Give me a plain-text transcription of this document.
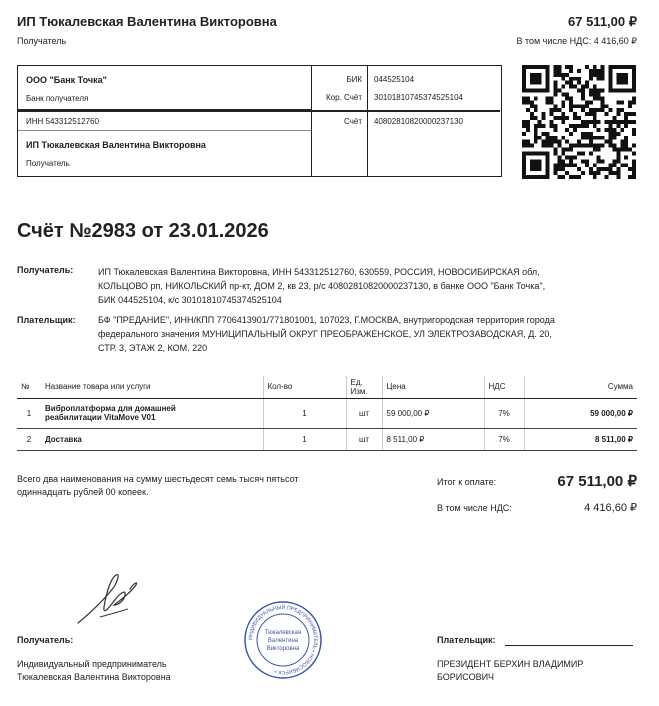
ИП Тюкалевская Валентина Викторовна
Получатель
67 511,00 ₽
В том числе НДС: 4 416,60 ₽
ООО "Банк Точка"
Банк получателя
БИК 044525104
Кор. Счёт 30101810745374525104
ИНН 543312512760	Счёт 40802810820000237130
ИП Тюкалевская Валентина Викторовна
Получатель
Счёт №2983 от 23.01.2026
Получатель:	ИП Тюкалевская Валентина Викторовна, ИНН 543312512760, 630559, РОССИЯ, НОВОСИБИРСКАЯ обл,
КОЛЬЦОВО рп, НИКОЛЬСКИЙ пр-кт, ДОМ 2, кв 23, р/с 40802810820000237130, в банке ООО "Банк Точка",
БИК 044525104, к/с 30101810745374525104
Плательщик:	БФ "ПРЕДАНИЕ", ИНН/КПП 7706413901/771801001, 107023, Г.МОСКВА, внутригородская территория города
федерального значения МУНИЦИПАЛЬНЫЙ ОКРУГ ПРЕОБРАЖЕНСКОЕ, УЛ ЭЛЕКТРОЗАВОДСКАЯ, Д. 20,
СТР. 3, ЭТАЖ 2, КОМ. 220
№	Название товара или услуги	Кол-во	Ед. Изм.	Цена	НДС	Сумма
1	Виброплатформа для домашней
реабилитации VitaMove V01	1	шт	59 000,00 ₽	7%	59 000,00 ₽
2	Доставка	1	шт	8 511,00 ₽	7%	8 511,00 ₽
Всего два наименования на сумму шестьдесят семь тысяч пятьсот
одиннадцать рублей 00 копеек.
Итог к оплате:	67 511,00 ₽
В том числе НДС:	4 416,60 ₽
ИНДИВИДУАЛЬНЫЙ ПРЕДПРИНИМАТЕЛЬ • НОВОСИБИРСК •
Тюкалевская
Валентина
Викторовна
Получатель:
Индивидуальный предприниматель
Тюкалевская Валентина Викторовна
Плательщик:
ПРЕЗИДЕНТ БЕРХИН ВЛАДИМИР
БОРИСОВИЧ
